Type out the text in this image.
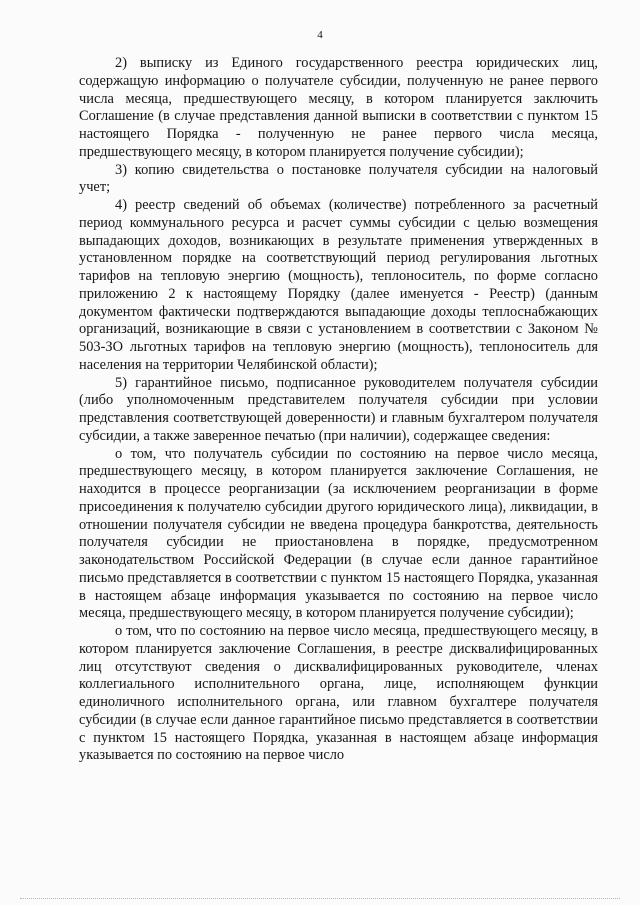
4

2) выписку из Единого государственного реестра юридических лиц, содержащую информацию о получателе субсидии, полученную не ранее первого числа месяца, предшествующего месяцу, в котором планируется заключить Соглашение (в случае представления данной выписки в соответствии с пунктом 15 настоящего Порядка - полученную не ранее первого числа месяца, предшествующего месяцу, в котором планируется получение субсидии);

3) копию свидетельства о постановке получателя субсидии на налоговый учет;

4) реестр сведений об объемах (количестве) потребленного за расчетный период коммунального ресурса и расчет суммы субсидии с целью возмещения выпадающих доходов, возникающих в результате применения утвержденных в установленном порядке на соответствующий период регулирования льготных тарифов на тепловую энергию (мощность), теплоноситель, по форме согласно приложению 2 к настоящему Порядку (далее именуется - Реестр) (данным документом фактически подтверждаются выпадающие доходы теплоснабжающих организаций, возникающие в связи с установлением в соответствии с Законом № 503-ЗО льготных тарифов на тепловую энергию (мощность), теплоноситель для населения на территории Челябинской области);

5) гарантийное письмо, подписанное руководителем получателя субсидии (либо уполномоченным представителем получателя субсидии при условии представления соответствующей доверенности) и главным бухгалтером получателя субсидии, а также заверенное печатью (при наличии), содержащее сведения:

о том, что получатель субсидии по состоянию на первое число месяца, предшествующего месяцу, в котором планируется заключение Соглашения, не находится в процессе реорганизации (за исключением реорганизации в форме присоединения к получателю субсидии другого юридического лица), ликвидации, в отношении получателя субсидии не введена процедура банкротства, деятельность получателя субсидии не приостановлена в порядке, предусмотренном законодательством Российской Федерации (в случае если данное гарантийное письмо представляется в соответствии с пунктом 15 настоящего Порядка, указанная в настоящем абзаце информация указывается по состоянию на первое число месяца, предшествующего месяцу, в котором планируется получение субсидии);

о том, что по состоянию на первое число месяца, предшествующего месяцу, в котором планируется заключение Соглашения, в реестре дисквалифицированных лиц отсутствуют сведения о дисквалифицированных руководителе, членах коллегиального исполнительного органа, лице, исполняющем функции единоличного исполнительного органа, или главном бухгалтере получателя субсидии (в случае если данное гарантийное письмо представляется в соответствии с пунктом 15 настоящего Порядка, указанная в настоящем абзаце информация указывается по состоянию на первое число
